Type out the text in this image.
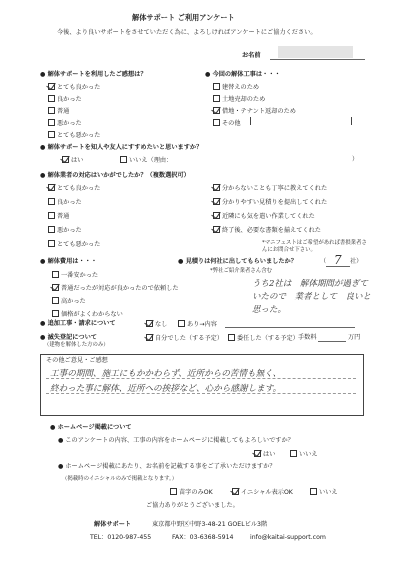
解体サポート ご利用アンケート
今後、より良いサポートをさせていただく為に、よろしければアンケートにご協力ください。
お名前
● 解体サポートを利用したご感想は？
とても良かった
良かった
普通
悪かった
とても悪かった
● 今回の解体工事は・・・
建替えのため
土地売却のため
借地・テナント返却のため
その他
● 解体サポートを知人や友人にすすめたいと思いますか？
はい	いいえ（理由：	）
● 解体業者の対応はいかがでしたか？（複数選択可）
とても良かった
良かった
普通
悪かった
とても悪かった
分からないことも丁寧に教えてくれた
分かりやすい見積りを提出してくれた
近隣にも気を遣い作業してくれた
終了後、必要な書類を揃えてくれた
*マニフェストはご希望があれば書損業者さんにお問合せ下さい。
● 解体費用は・・・
一番安かった
普通だったが対応が良かったので依頼した
高かった
価格がよくわからない
● 見積りは何社に出してもらいましたか？	（ 7 社）
*弊社ご紹介業者さん含む
うち2社は　解体期間が過ぎていたので　業者として　良いと思った。
● 追加工事・請求について	なし	あり→内容
● 滅失登記について
（建物を解体した方のみ）
自分でした（する予定）	委任した（する予定） 手数料	万円
その他ご意見・ご感想
工事の期間、施工にもかかわらず、近所からの苦情も無く、
終わった事に解体、近所への挨拶など、心から感謝します。
● ホームページ掲載について
● このアンケートの内容、工事の内容をホームページに掲載してもよろしいですか？
はい	いいえ
● ホームページ掲載にあたり、お名前を記載する事をご了承いただけますか？
（掲載時のイニシャルのみで掲載となります。）
苗字のみOK	イニシャル表示OK	いいえ
ご協力ありがとうございました。
解体サポート	東京都中野区中野3-48-21 GOELビル3階
TEL：0120-987-455	FAX：03-6368-5914	info@kaitai-support.com
